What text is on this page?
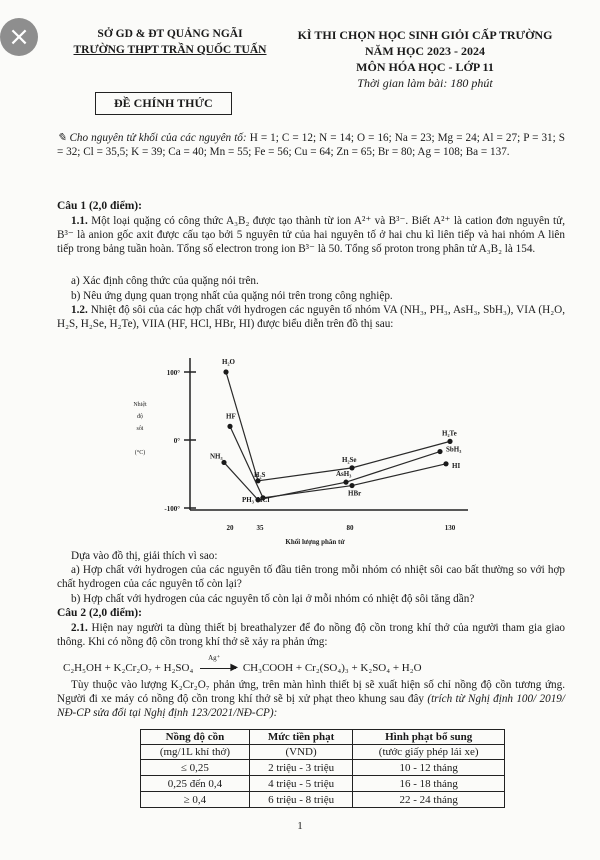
×	SỞ GD & ĐT QUẢNG NGÃI
TRƯỜNG THPT TRẦN QUỐC TUẤN
KÌ THI CHỌN HỌC SINH GIỎI CẤP TRƯỜNG
NĂM HỌC 2023 - 2024
MÔN HÓA HỌC - LỚP 11
Thời gian làm bài: 180 phút
ĐỀ CHÍNH THỨC
✎ Cho nguyên tử khối của các nguyên tố: H = 1; C = 12; N = 14; O = 16; Na = 23; Mg = 24; Al = 27; P = 31; S = 32; Cl = 35,5; K = 39; Ca = 40; Mn = 55; Fe = 56; Cu = 64; Zn = 65; Br = 80; Ag = 108; Ba = 137.
Câu 1 (2,0 điểm):
1.1. Một loại quặng có công thức A₃B₂ được tạo thành từ ion A²⁺ và B³⁻. Biết A²⁺ là cation đơn nguyên tử, B³⁻ là anion gốc axit được cấu tạo bởi 5 nguyên tử của hai nguyên tố ở hai chu kì liên tiếp và hai nhóm A liên tiếp trong bảng tuần hoàn. Tổng số electron trong ion B³⁻ là 50. Tổng số proton trong phân tử A₃B₂ là 154.
a) Xác định công thức của quặng nói trên.
b) Nêu ứng dụng quan trọng nhất của quặng nói trên trong công nghiệp.
1.2. Nhiệt độ sôi của các hợp chất với hydrogen các nguyên tố nhóm VA (NH₃, PH₃, AsH₃, SbH₃), VIA (H₂O, H₂S, H₂Se, H₂Te), VIIA (HF, HCl, HBr, HI) được biểu diễn trên đồ thị sau:
100°
0°
-100°
Nhiệt
độ
sôi
(°C)
20	35	80	130
Khối lượng phân tử
H₂O
H₂S
H₂Se
H₂Te
HF
HCl
HBr
HI
NH₃
PH₃
AsH₃
SbH₃
Dựa vào đồ thị, giải thích vì sao:
a) Hợp chất với hydrogen của các nguyên tố đầu tiên trong mỗi nhóm có nhiệt sôi cao bất thường so với hợp chất hydrogen của các nguyên tố còn lại?
b) Hợp chất với hydrogen của các nguyên tố còn lại ở mỗi nhóm có nhiệt độ sôi tăng dần?
Câu 2 (2,0 điểm):
2.1. Hiện nay người ta dùng thiết bị breathalyzer để đo nồng độ cồn trong khí thở của người tham gia giao thông. Khi có nồng độ cồn trong khí thở sẽ xảy ra phản ứng:
C₂H₅OH + K₂Cr₂O₇ + H₂SO₄
Ag⁺
▶ CH₃COOH + Cr₂(SO₄)₃ + K₂SO₄ + H₂O
Tùy thuộc vào lượng K₂Cr₂O₇ phản ứng, trên màn hình thiết bị sẽ xuất hiện số chỉ nồng độ cồn tương ứng. Người đi xe máy có nồng độ cồn trong khí thở sẽ bị xử phạt theo khung sau đây (trích từ Nghị định 100/ 2019/ NĐ-CP sửa đổi tại Nghị định 123/2021/NĐ-CP):
Nồng độ cồn	Mức tiền phạt	Hình phạt bổ sung
(mg/1L khí thở)	(VND)	(tước giấy phép lái xe)
≤ 0,25	2 triệu - 3 triệu	10 - 12 tháng
0,25 đến 0,4	4 triệu - 5 triệu	16 - 18 tháng
≥ 0,4	6 triệu - 8 triệu	22 - 24 tháng
1
